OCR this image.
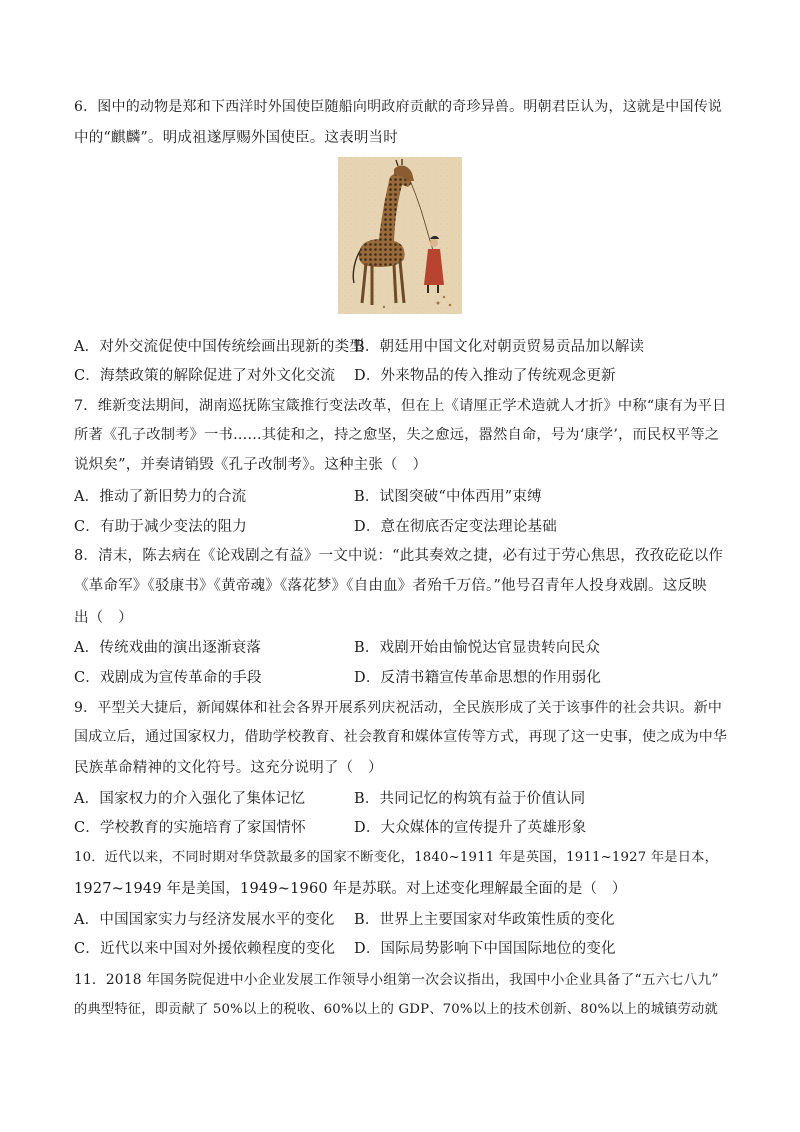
6．图中的动物是郑和下西洋时外国使臣随船向明政府贡献的奇珍异兽。明朝君臣认为，这就是中国传说
中的“麒麟”。明成祖遂厚赐外国使臣。这表明当时
A．对外交流促使中国传统绘画出现新的类型
B．朝廷用中国文化对朝贡贸易贡品加以解读
C．海禁政策的解除促进了对外文化交流 D．外来物品的传入推动了传统观念更新
7．维新变法期间，湖南巡抚陈宝箴推行变法改革，但在上《请厘正学术造就人才折》中称“康有为平日
所著《孔子改制考》一书……其徒和之，持之愈坚，失之愈远，嚣然自命，号为‘康学’，而民权平等之
说炽矣”，并奏请销毁《孔子改制考》。这种主张（　）
A．推动了新旧势力的合流	B．试图突破“中体西用”束缚
C．有助于减少变法的阻力	D．意在彻底否定变法理论基础
8．清末，陈去病在《论戏剧之有益》一文中说：“此其奏效之捷，必有过于劳心焦思，孜孜矻矻以作
《革命军》《驳康书》《黄帝魂》《落花梦》《自由血》者殆千万倍。”他号召青年人投身戏剧。这反映
出（　）
A．传统戏曲的演出逐渐衰落	B．戏剧开始由愉悦达官显贵转向民众
C．戏剧成为宣传革命的手段	D．反清书籍宣传革命思想的作用弱化
9．平型关大捷后，新闻媒体和社会各界开展系列庆祝活动，全民族形成了关于该事件的社会共识。新中
国成立后，通过国家权力，借助学校教育、社会教育和媒体宣传等方式，再现了这一史事，使之成为中华
民族革命精神的文化符号。这充分说明了（　）
A．国家权力的介入强化了集体记忆	B．共同记忆的构筑有益于价值认同
C．学校教育的实施培育了家国情怀	D．大众媒体的宣传提升了英雄形象
10．近代以来，不同时期对华贷款最多的国家不断变化，1840~1911 年是英国，1911~1927 年是日本，
1927~1949 年是美国，1949~1960 年是苏联。对上述变化理解最全面的是（　）
A．中国国家实力与经济发展水平的变化 B．世界上主要国家对华政策性质的变化
C．近代以来中国对外援依赖程度的变化 D．国际局势影响下中国国际地位的变化
11．2018 年国务院促进中小企业发展工作领导小组第一次会议指出，我国中小企业具备了“五六七八九”
的典型特征，即贡献了 50%以上的税收、60%以上的 GDP、70%以上的技术创新、80%以上的城镇劳动就
